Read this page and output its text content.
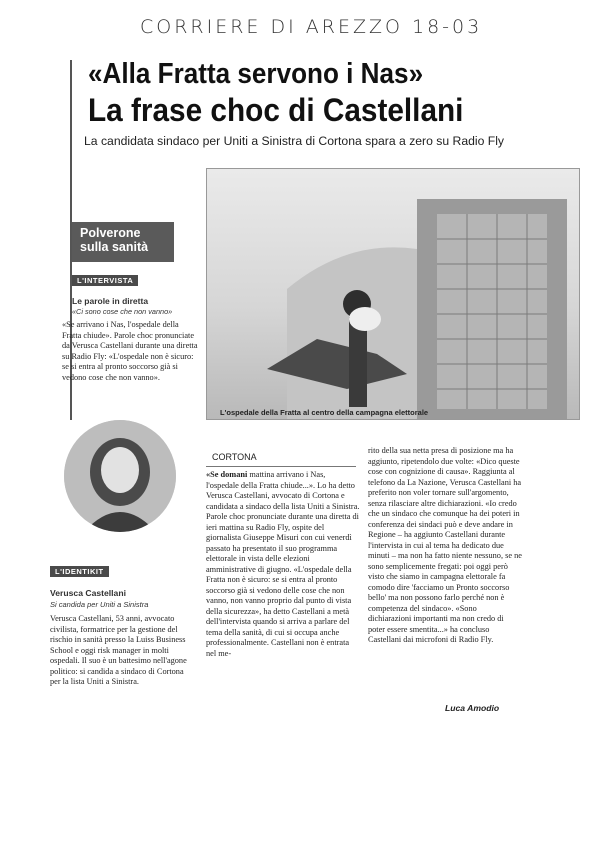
CORRIERE DI AREZZO 18-03
«Alla Fratta servono i Nas»
La frase choc di Castellani
La candidata sindaco per Uniti a Sinistra di Cortona spara a zero su Radio Fly
L'ospedale della Fratta al centro della campagna elettorale
Polverone sulla sanità
L'INTERVISTA
Le parole in diretta
«Ci sono cose che non vanno»
«Se arrivano i Nas, l'ospedale della Fratta chiude». Parole choc pronunciate da Verusca Castellani durante una diretta su Radio Fly: «L'ospedale non è sicuro: se si entra al pronto soccorso già si vedono cose che non vanno».
L'IDENTIKIT
Verusca Castellani
Si candida per Uniti a Sinistra
Verusca Castellani, 53 anni, avvocato civilista, formatrice per la gestione del rischio in sanità presso la Luiss Business School e oggi risk manager in molti ospedali. Il suo è un battesimo nell'agone politico: si candida a sindaco di Cortona per la lista Uniti a Sinistra.
CORTONA

«Se domani mattina arrivano i Nas, l'ospedale della Fratta chiude...». Lo ha detto Verusca Castellani, avvocato di Cortona e candidata a sindaco della lista Uniti a Sinistra. Parole choc pronunciate durante una diretta di ieri mattina su Radio Fly, ospite del giornalista Giuseppe Misuri con cui venerdì passato ha presentato il suo programma elettorale in vista delle elezioni amministrative di giugno. «L'ospedale della Fratta non è sicuro: se si entra al pronto soccorso già si vedono delle cose che non vanno, non vanno proprio dal punto di vista della sicurezza», ha detto Castellani a metà dell'intervista quando si arriva a parlare del tema della sanità, di cui si occupa anche professionalmente. Castellani non è entrata nel me-

rito della sua netta presa di posizione ma ha aggiunto, ripetendolo due volte: «Dico queste cose con cognizione di causa». Raggiunta al telefono da La Nazione, Verusca Castellani ha preferito non voler tornare sull'argomento, senza rilasciare altre dichiarazioni. «Io credo che un sindaco che comunque ha dei poteri in conferenza dei sindaci può e deve andare in Regione – ha aggiunto Castellani durante l'intervista in cui al tema ha dedicato due minuti – ma non ha fatto niente nessuno, se ne sono semplicemente fregati: poi oggi però visto che siamo in campagna elettorale fa comodo dire 'facciamo un Pronto soccorso bello' ma non possono farlo perché non è competenza del sindaco». «Sono dichiarazioni importanti ma non credo di poter essere smentita...» ha concluso Castellani dai microfoni di Radio Fly.

Luca Amodio
